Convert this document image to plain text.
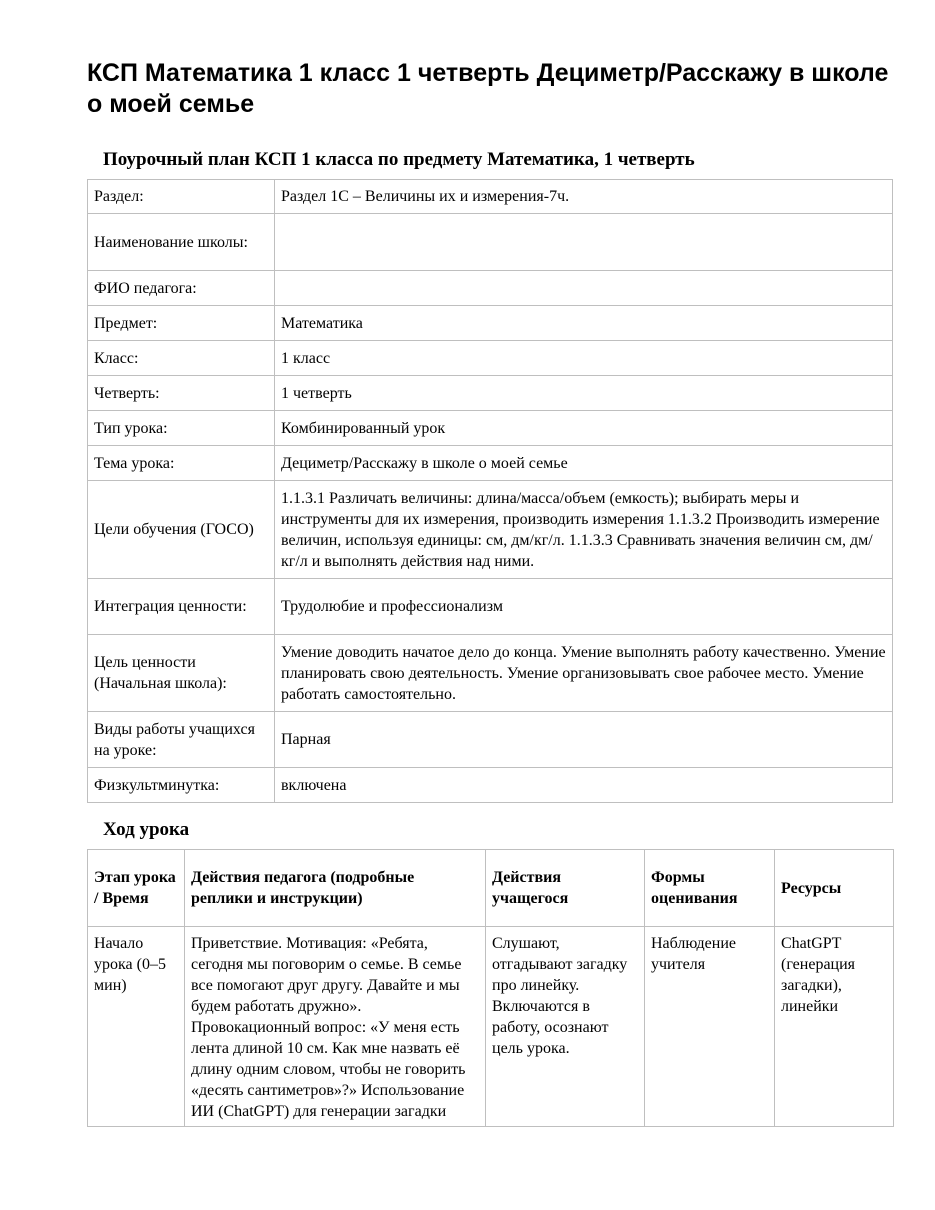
КСП Математика 1 класс 1 четверть Дециметр/Расскажу в школе о моей семье

Поурочный план КСП 1 класса по предмету Математика, 1 четверть

Раздел:	Раздел 1С – Величины их и измерения-7ч.
Наименование школы:	
ФИО педагога:	
Предмет:	Математика
Класс:	1 класс
Четверть:	1 четверть
Тип урока:	Комбинированный урок
Тема урока:	Дециметр/Расскажу в школе о моей семье
Цели обучения (ГОСО)	1.1.3.1 Различать величины: длина/масса/объем (емкость); выбирать меры и инструменты для их измерения, производить измерения 1.1.3.2 Производить измерение величин, используя единицы: см, дм/кг/л. 1.1.3.3 Сравнивать значения величин см, дм/кг/л и выполнять действия над ними.
Интеграция ценности:	Трудолюбие и профессионализм
Цель ценности (Начальная школа):	Умение доводить начатое дело до конца. Умение выполнять работу качественно. Умение планировать свою деятельность. Умение организовывать свое рабочее место. Умение работать самостоятельно.
Виды работы учащихся на уроке:	Парная
Физкультминутка:	включена

Ход урока

Этап урока / Время	Действия педагога (подробные реплики и инструкции)	Действия учащегося	Формы оценивания	Ресурсы
Начало урока (0–5 мин)	Приветствие. Мотивация: «Ребята, сегодня мы поговорим о семье. В семье все помогают друг другу. Давайте и мы будем работать дружно». Провокационный вопрос: «У меня есть лента длиной 10 см. Как мне назвать её длину одним словом, чтобы не говорить «десять сантиметров»?» Использование ИИ (ChatGPT) для генерации загадки	Слушают, отгадывают загадку про линейку. Включаются в работу, осознают цель урока.	Наблюдение учителя	ChatGPT (генерация загадки), линейки
